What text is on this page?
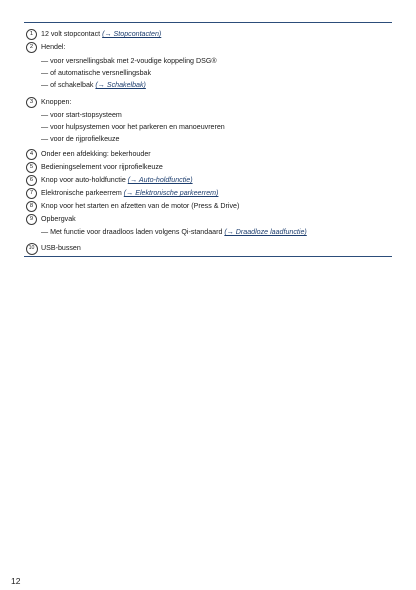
1	12 volt stopcontact (→ Stopcontacten)
2	Hendel:
— voor versnellingsbak met 2-voudige koppeling DSG®
— of automatische versnellingsbak
— of schakelbak (→ Schakelbak)
3	Knoppen:
— voor start-stopsysteem
— voor hulpsystemen voor het parkeren en manoeuvreren
— voor de rijprofielkeuze
4	Onder een afdekking: bekerhouder
5	Bedieningselement voor rijprofielkeuze
6	Knop voor auto-holdfunctie (→ Auto-holdfunctie)
7	Elektronische parkeerrem (→ Elektronische parkeerrem)
8	Knop voor het starten en afzetten van de motor (Press & Drive)
9	Opbergvak
— Met functie voor draadloos laden volgens Qi-standaard (→ Draadloze laadfunctie)
10 USB-bussen
12
